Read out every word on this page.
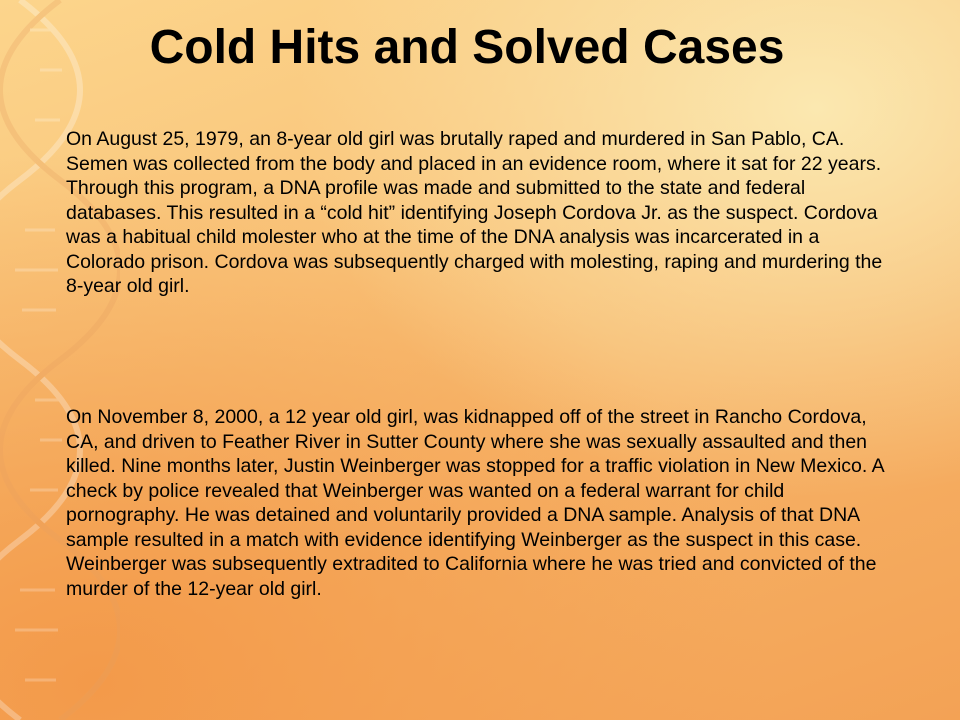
Cold Hits and Solved Cases

On August 25, 1979, an 8-year old girl was brutally raped and murdered in San Pablo, CA. Semen was collected from the body and placed in an evidence room, where it sat for 22 years. Through this program, a DNA profile was made and submitted to the state and federal databases. This resulted in a “cold hit” identifying Joseph Cordova Jr. as the suspect. Cordova was a habitual child molester who at the time of the DNA analysis was incarcerated in a Colorado prison. Cordova was subsequently charged with molesting, raping and murdering the 8-year old girl.

On November 8, 2000, a 12 year old girl, was kidnapped off of the street in Rancho Cordova, CA, and driven to Feather River in Sutter County where she was sexually assaulted and then killed. Nine months later, Justin Weinberger was stopped for a traffic violation in New Mexico. A check by police revealed that Weinberger was wanted on a federal warrant for child pornography. He was detained and voluntarily provided a DNA sample. Analysis of that DNA sample resulted in a match with evidence identifying Weinberger as the suspect in this case. Weinberger was subsequently extradited to California where he was tried and convicted of the murder of the 12-year old girl.
